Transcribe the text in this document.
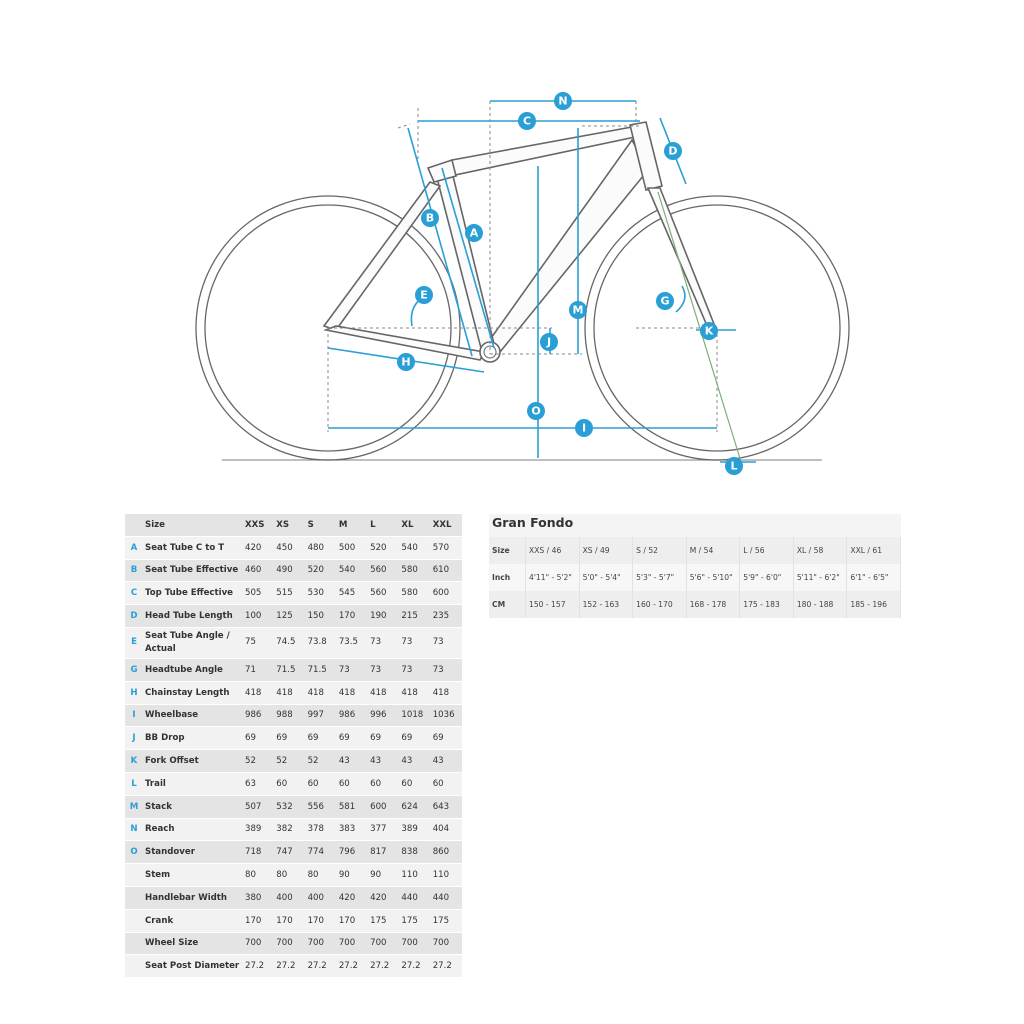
N
C
D
B
A
E
M
G
K
J
H
O
I
L
	Size	XXS	XS	S	M	L	XL	XXL
A	Seat Tube C to T	420	450	480	500	520	540	570
B	Seat Tube Effective	460	490	520	540	560	580	610
C	Top Tube Effective	505	515	530	545	560	580	600
D	Head Tube Length	100	125	150	170	190	215	235
E	Seat Tube Angle / Actual	75	74.5	73.8	73.5	73	73	73
G	Headtube Angle	71	71.5	71.5	73	73	73	73
H	Chainstay Length	418	418	418	418	418	418	418
I	Wheelbase	986	988	997	986	996	1018	1036
J	BB Drop	69	69	69	69	69	69	69
K	Fork Offset	52	52	52	43	43	43	43
L	Trail	63	60	60	60	60	60	60
M	Stack	507	532	556	581	600	624	643
N	Reach	389	382	378	383	377	389	404
O	Standover	718	747	774	796	817	838	860
	Stem	80	80	80	90	90	110	110
	Handlebar Width	380	400	400	420	420	440	440
	Crank	170	170	170	170	175	175	175
	Wheel Size	700	700	700	700	700	700	700
	Seat Post Diameter	27.2	27.2	27.2	27.2	27.2	27.2	27.2
Gran Fondo
Size	XXS / 46	XS / 49	S / 52	M / 54	L / 56	XL / 58	XXL / 61
Inch	4'11" - 5'2"	5'0" - 5'4"	5'3" - 5'7"	5'6" - 5'10"	5'9" - 6'0"	5'11" - 6'2"	6'1" - 6'5"
CM	150 - 157	152 - 163	160 - 170	168 - 178	175 - 183	180 - 188	185 - 196
